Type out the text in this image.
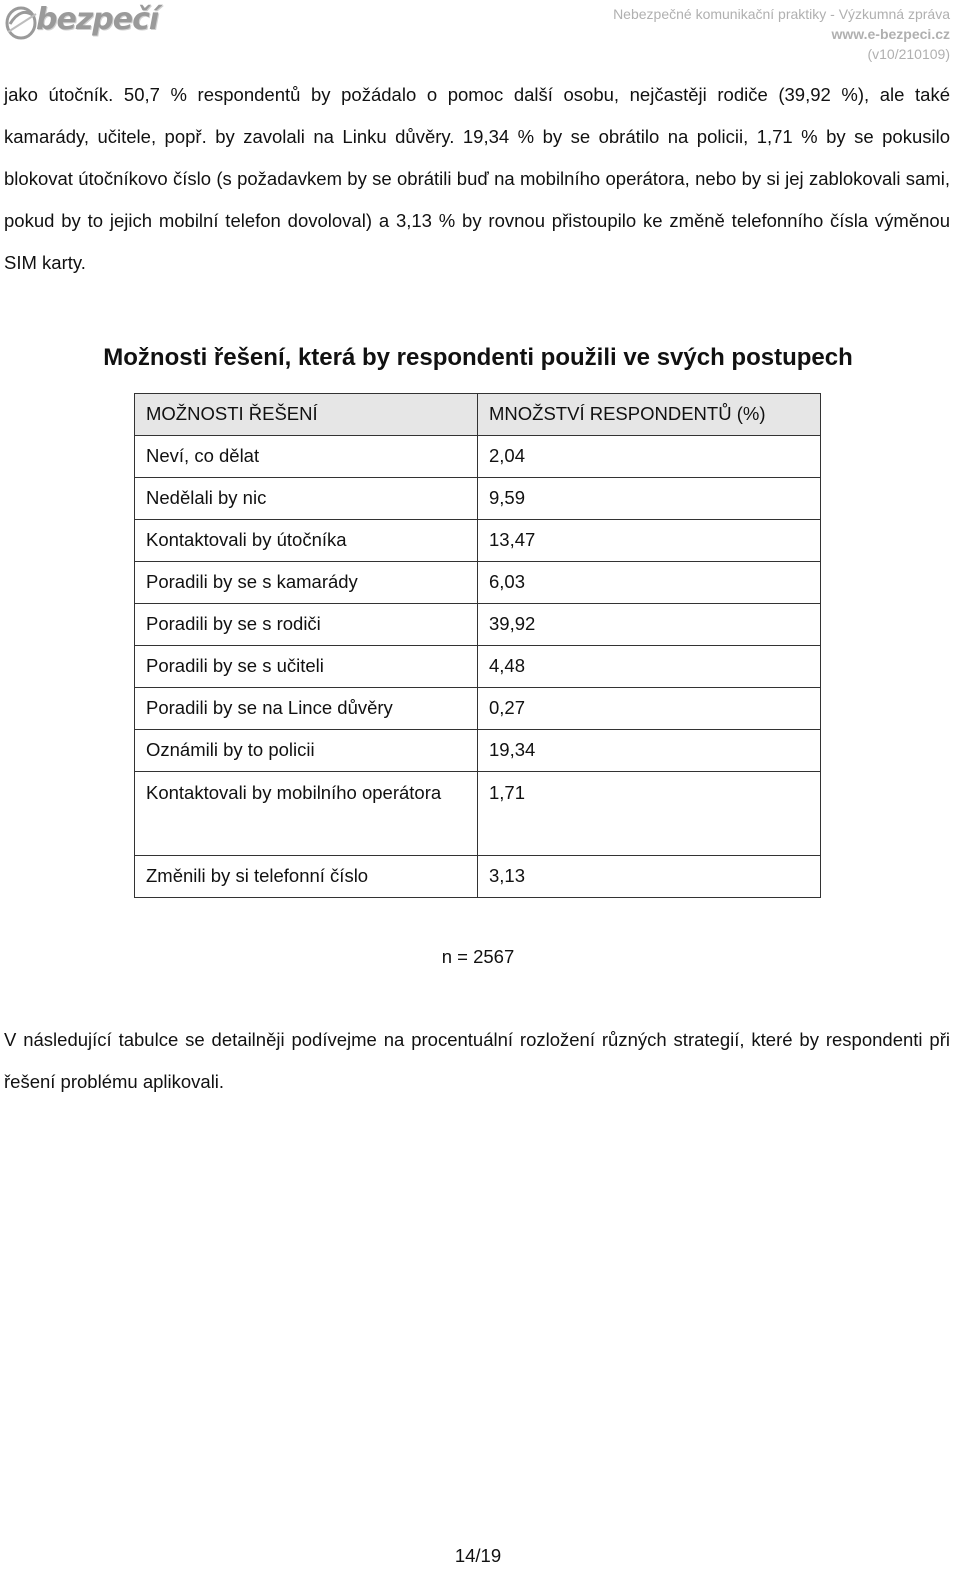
bezpečí	Nebezpečné komunikační praktiky - Výzkumná zpráva
www.e-bezpeci.cz
(v10/210109)

jako útočník. 50,7 % respondentů by požádalo o pomoc další osobu, nejčastěji rodiče (39,92 %), ale také kamarády, učitele, popř. by zavolali na Linku důvěry. 19,34 % by se obrátilo na policii, 1,71 % by se pokusilo blokovat útočníkovo číslo (s požadavkem by se obrátili buď na mobilního operátora, nebo by si jej zablokovali sami, pokud by to jejich mobilní telefon dovoloval) a 3,13 % by rovnou přistoupilo ke změně telefonního čísla výměnou SIM karty.

Možnosti řešení, která by respondenti použili ve svých postupech
MOŽNOSTI ŘEŠENÍ	MNOŽSTVÍ RESPONDENTŮ (%)
Neví, co dělat	2,04
Nedělali by nic	9,59
Kontaktovali by útočníka	13,47
Poradili by se s kamarády	6,03
Poradili by se s rodiči	39,92
Poradili by se s učiteli	4,48
Poradili by se na Lince důvěry	0,27
Oznámili by to policii	19,34
Kontaktovali by mobilního operátora	1,71
Změnili by si telefonní číslo	3,13
n = 2567

V následující tabulce se detailněji podívejme na procentuální rozložení různých strategií, které by respondenti při řešení problému aplikovali.

14/19
